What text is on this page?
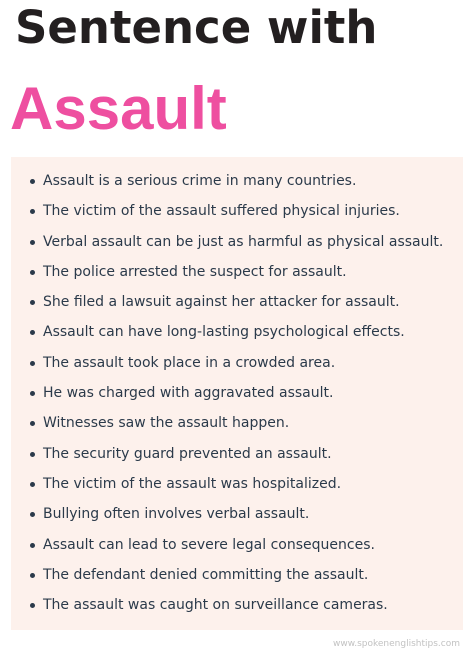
Sentence with
Assault
Assault is a serious crime in many countries.
The victim of the assault suffered physical injuries.
Verbal assault can be just as harmful as physical assault.
The police arrested the suspect for assault.
She filed a lawsuit against her attacker for assault.
Assault can have long-lasting psychological effects.
The assault took place in a crowded area.
He was charged with aggravated assault.
Witnesses saw the assault happen.
The security guard prevented an assault.
The victim of the assault was hospitalized.
Bullying often involves verbal assault.
Assault can lead to severe legal consequences.
The defendant denied committing the assault.
The assault was caught on surveillance cameras.
www.spokenenglishtips.com
